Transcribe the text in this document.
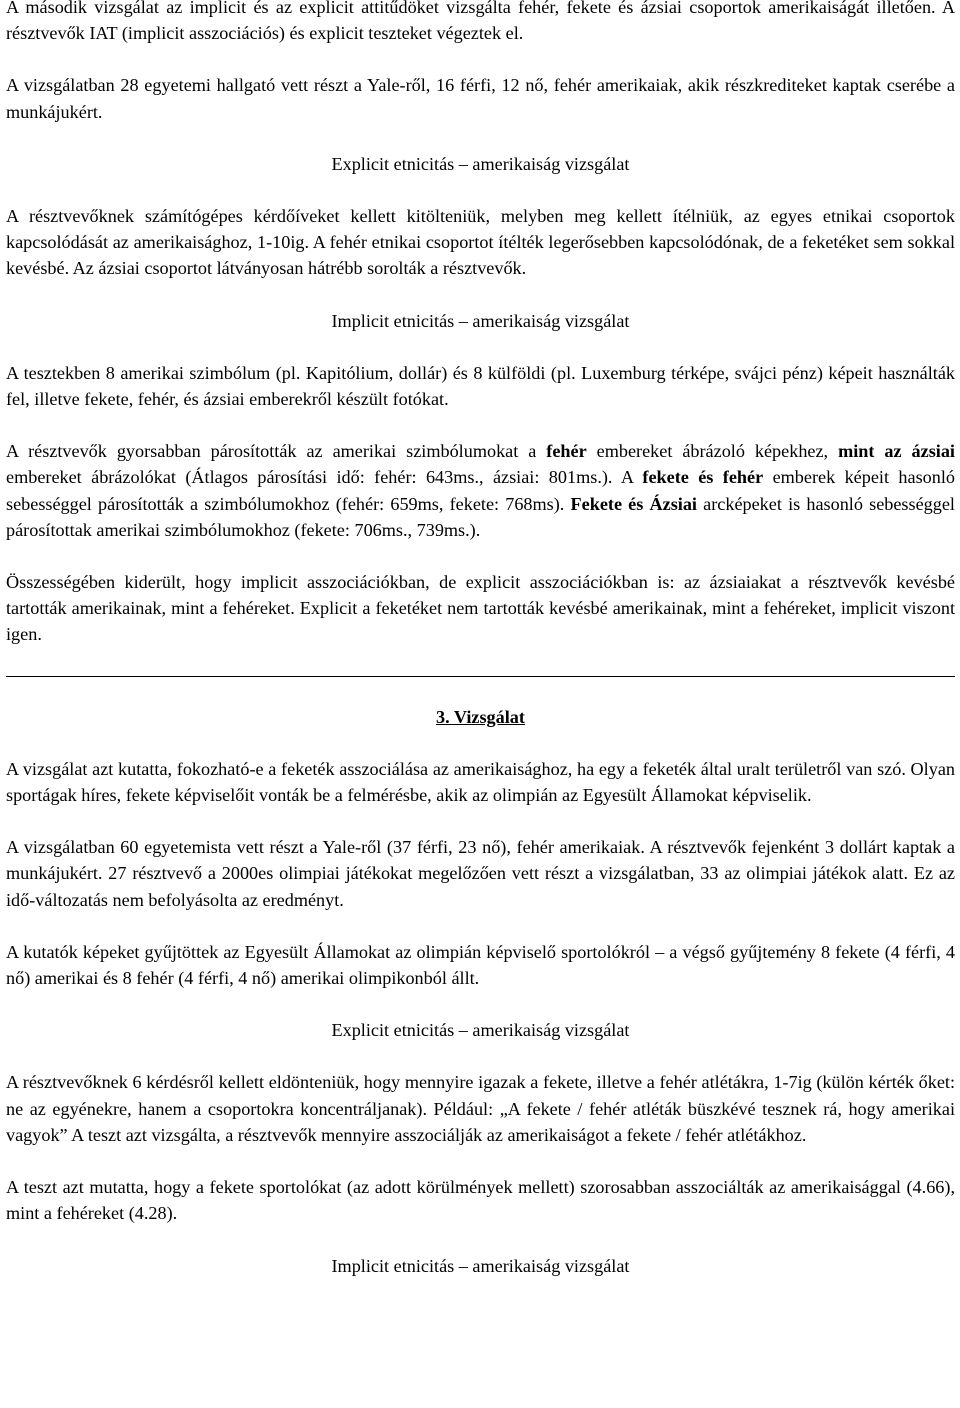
A második vizsgálat az implicit és az explicit attitűdöket vizsgálta fehér, fekete és ázsiai csoportok amerikaiságát illetően. A résztvevők IAT (implicit asszociációs) és explicit teszteket végeztek el.

A vizsgálatban 28 egyetemi hallgató vett részt a Yale-ről, 16 férfi, 12 nő, fehér amerikaiak, akik részkrediteket kaptak cserébe a munkájukért.

Explicit etnicitás – amerikaiság vizsgálat

A résztvevőknek számítógépes kérdőíveket kellett kitölteniük, melyben meg kellett ítélniük, az egyes etnikai csoportok kapcsolódását az amerikaisághoz, 1-10ig. A fehér etnikai csoportot ítélték legerősebben kapcsolódónak, de a feketéket sem sokkal kevésbé. Az ázsiai csoportot látványosan hátrébb sorolták a résztvevők.

Implicit etnicitás – amerikaiság vizsgálat

A tesztekben 8 amerikai szimbólum (pl. Kapitólium, dollár) és 8 külföldi (pl. Luxemburg térképe, svájci pénz) képeit használták fel, illetve fekete, fehér, és ázsiai emberekről készült fotókat.

A résztvevők gyorsabban párosították az amerikai szimbólumokat a fehér embereket ábrázoló képekhez, mint az ázsiai embereket ábrázolókat (Átlagos párosítási idő: fehér: 643ms., ázsiai: 801ms.). A fekete és fehér emberek képeit hasonló sebességgel párosították a szimbólumokhoz (fehér: 659ms, fekete: 768ms). Fekete és Ázsiai arcképeket is hasonló sebességgel párosítottak amerikai szimbólumokhoz (fekete: 706ms., 739ms.).

Összességében kiderült, hogy implicit asszociációkban, de explicit asszociációkban is: az ázsiaiakat a résztvevők kevésbé tartották amerikainak, mint a fehéreket. Explicit a feketéket nem tartották kevésbé amerikainak, mint a fehéreket, implicit viszont igen.

3. Vizsgálat

A vizsgálat azt kutatta, fokozható-e a feketék asszociálása az amerikaisághoz, ha egy a feketék által uralt területről van szó. Olyan sportágak híres, fekete képviselőit vonták be a felmérésbe, akik az olimpián az Egyesült Államokat képviselik.

A vizsgálatban 60 egyetemista vett részt a Yale-ről (37 férfi, 23 nő), fehér amerikaiak. A résztvevők fejenként 3 dollárt kaptak a munkájukért. 27 résztvevő a 2000es olimpiai játékokat megelőzően vett részt a vizsgálatban, 33 az olimpiai játékok alatt. Ez az idő-változatás nem befolyásolta az eredményt.

A kutatók képeket gyűjtöttek az Egyesült Államokat az olimpián képviselő sportolókról – a végső gyűjtemény 8 fekete (4 férfi, 4 nő) amerikai és 8 fehér (4 férfi, 4 nő) amerikai olimpikonból állt.

Explicit etnicitás – amerikaiság vizsgálat

A résztvevőknek 6 kérdésről kellett eldönteniük, hogy mennyire igazak a fekete, illetve a fehér atlétákra, 1-7ig (külön kérték őket: ne az egyénekre, hanem a csoportokra koncentráljanak). Például: „A fekete / fehér atléták büszkévé tesznek rá, hogy amerikai vagyok” A teszt azt vizsgálta, a résztvevők mennyire asszociálják az amerikaiságot a fekete / fehér atlétákhoz.

A teszt azt mutatta, hogy a fekete sportolókat (az adott körülmények mellett) szorosabban asszociálták az amerikaisággal (4.66), mint a fehéreket (4.28).

Implicit etnicitás – amerikaiság vizsgálat
